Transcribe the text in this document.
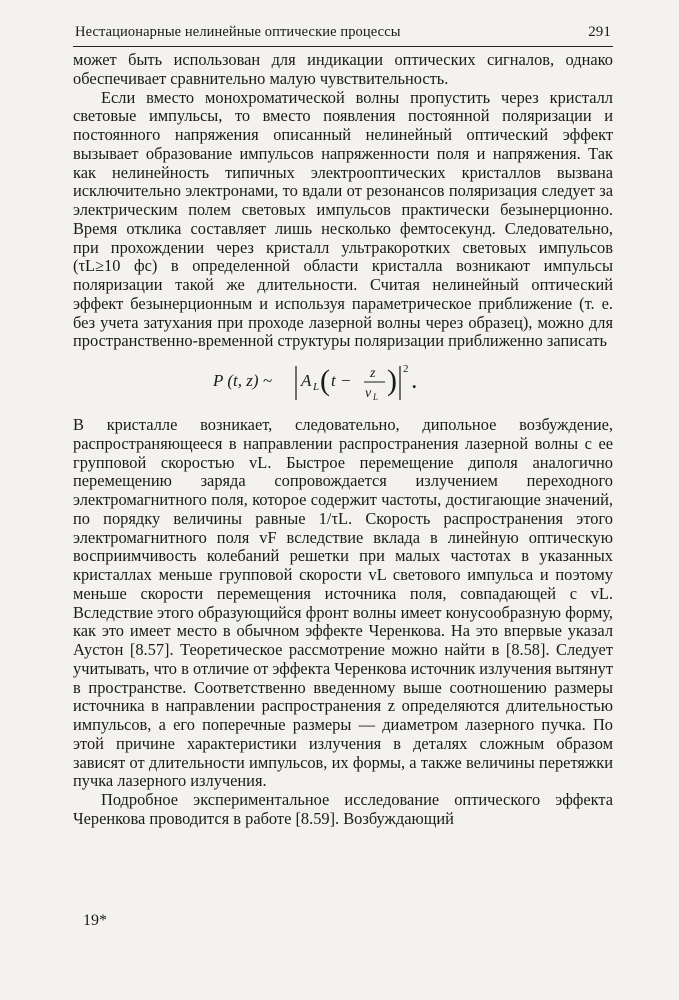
Нестационарные нелинейные оптические процессы	291

может быть использован для индикации оптических сигналов, однако обеспечивает сравнительно малую чувствительность.

Если вместо монохроматической волны пропустить через кристалл световые импульсы, то вместо появления постоянной поляризации и постоянного напряжения описанный нелинейный оптический эффект вызывает образование импульсов напряженности поля и напряжения. Так как нелинейность типичных электрооптических кристаллов вызвана исключительно электронами, то вдали от резонансов поляризация следует за электрическим полем световых импульсов практически безынерционно. Время отклика составляет лишь несколько фемтосекунд. Следовательно, при прохождении через кристалл ультракоротких световых импульсов (τL≥10 фс) в определенной области кристалла возникают импульсы поляризации такой же длительности. Считая нелинейный оптический эффект безынерционным и используя параметрическое приближение (т. е. без учета затухания при проходе лазерной волны через образец), можно для пространственно-временной структуры поляризации приближенно записать

P (t, z) ~ A L ( t − z
v L ) 2
.

В кристалле возникает, следовательно, дипольное возбуждение, распространяющееся в направлении распространения лазерной волны с ее групповой скоростью vL. Быстрое перемещение диполя аналогично перемещению заряда сопровождается излучением переходного электромагнитного поля, которое содержит частоты, достигающие значений, по порядку величины равные 1/τL. Скорость распространения этого электромагнитного поля vF вследствие вклада в линейную оптическую восприимчивость колебаний решетки при малых частотах в указанных кристаллах меньше групповой скорости vL светового импульса и поэтому меньше скорости перемещения источника поля, совпадающей с vL. Вследствие этого образующийся фронт волны имеет конусообразную форму, как это имеет место в обычном эффекте Черенкова. На это впервые указал Аустон [8.57]. Теоретическое рассмотрение можно найти в [8.58]. Следует учитывать, что в отличие от эффекта Черенкова источник излучения вытянут в пространстве. Соответственно введенному выше соотношению размеры источника в направлении распространения z определяются длительностью импульсов, а его поперечные размеры — диаметром лазерного пучка. По этой причине характеристики излучения в деталях сложным образом зависят от длительности импульсов, их формы, а также величины перетяжки пучка лазерного излучения.

Подробное экспериментальное исследование оптического эффекта Черенкова проводится в работе [8.59]. Возбуждающий

19*
